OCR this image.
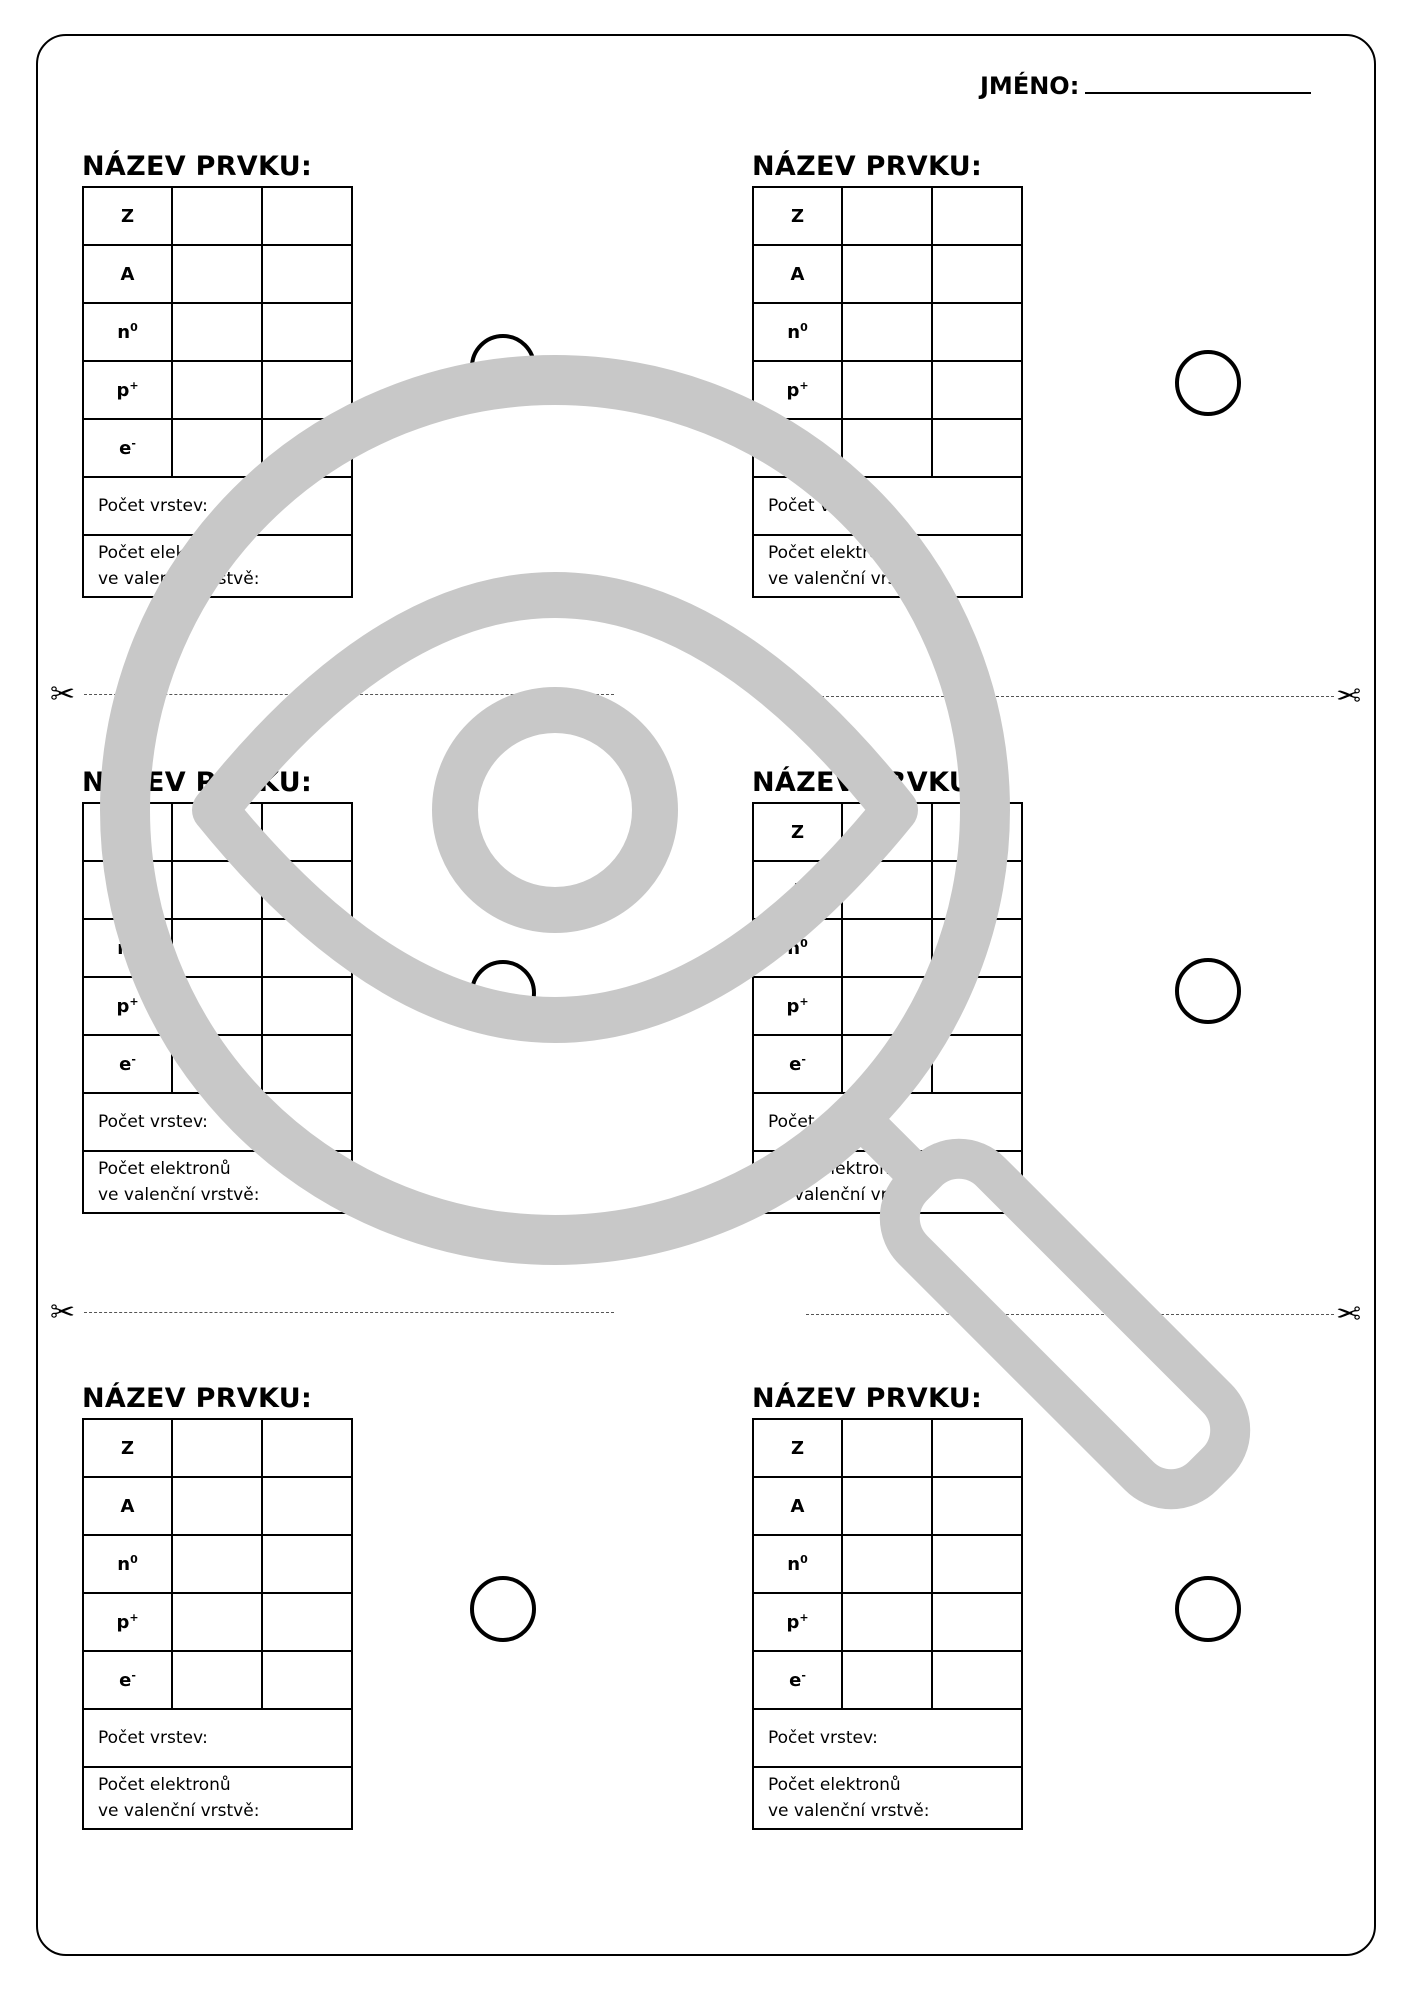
JMÉNO:
NÁZEV PRVKU:
Z		
A		
$n^0$		
p+		
e-		

Počet vrstev:		

Počet elektronů
ve valenční vrstvě:		
NÁZEV PRVKU:
Z		
A		
$n^0$		
p+		
e-		

Počet vrstev:		

Počet elektronů
ve valenční vrstvě:		
NÁZEV PRVKU:
Z		
A		
$n^0$		
p+		
e-		

Počet vrstev:		

Počet elektronů
ve valenční vrstvě:		
NÁZEV PRVKU:
Z		
A		
$n^0$		
p+		
e-		

Počet vrstev:		

Počet elektronů
ve valenční vrstvě:		
NÁZEV PRVKU:
Z		
A		
$n^0$		
p+		
e-		

Počet vrstev:		

Počet elektronů
ve valenční vrstvě:		
NÁZEV PRVKU:
Z		
A		
$n^0$		
p+		
e-		

Počet vrstev:		

Počet elektronů
ve valenční vrstvě:		
✂	✂
✂	✂
